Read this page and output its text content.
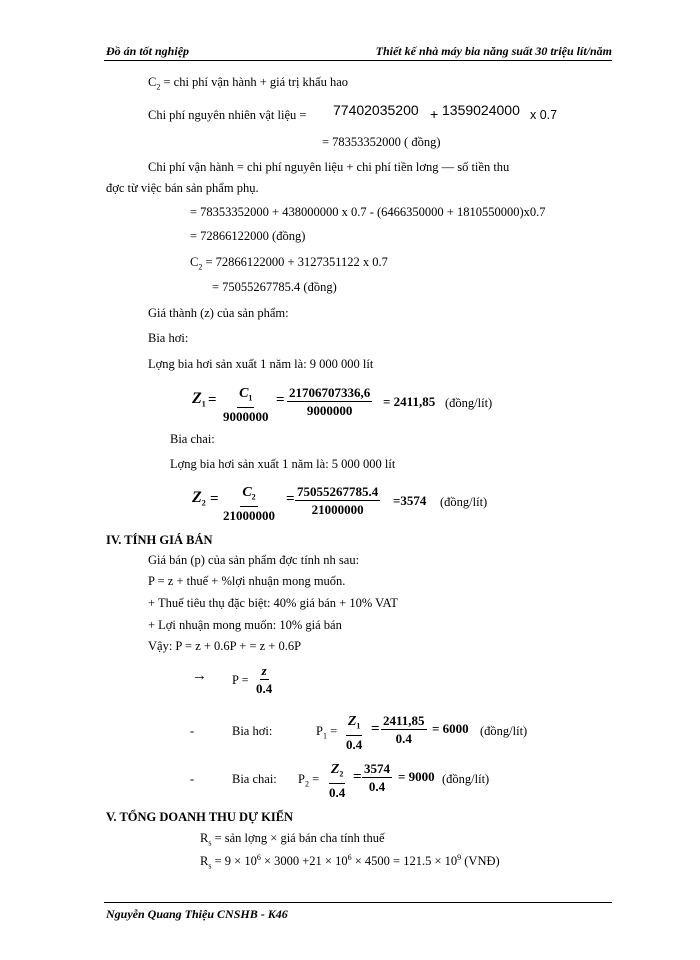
Đồ án tốt nghiệp	Thiết kế nhà máy bia năng suất 30 triệu lít/năm
$C_2$ = chi phí vận hành + giá trị khấu hao
Chi phí nguyên nhiên vật liệu = 77402035200 + 1359024000 x 0.7
= 78353352000 ( đồng)
Chi phí vận hành = chi phí nguyên liệu + chi phí tiền lơng — số tiền thu
đợc từ việc bán sản phẩm phụ.
= 78353352000 + 438000000 x 0.7 - (6466350000 + 1810550000)x0.7
= 72866122000 (đồng)
$C_2 = 72866122000 + 3127351122$ x 0.7
= 75055267785.4 (đồng)
Giá thành (z) của sản phẩm:
Bia hơi:
Lợng bia hơi sản xuất 1 năm là: 9 000 000 lít
$Z_1 = \frac{C_1}{9000000} = \frac{21706707336,6}{9000000} = 2411,85$ (đồng/lít)
Bia chai:
Lợng bia hơi sản xuất 1 năm là: 5 000 000 lít
$Z_2 = \frac{C_2}{21000000} = \frac{75055267785.4}{21000000} =3574$ (đồng/lít)
IV. TÍNH GIÁ BÁN
Giá bán (p) của sản phẩm đợc tính nh sau:
P = z + thuế + %lợi nhuận mong muốn.
+ Thuế tiêu thụ đặc biệt: 40% giá bán + 10% VAT
+ Lợi nhuận mong muốn: 10% giá bán
Vậy: P = z + 0.6P + = z + 0.6P
→ $P = \frac{z}{0.4}$
-	Bia hơi:	$P_1 = \frac{Z_1}{0.4} = \frac{2411,85}{0.4} = 6000$ (đồng/lít)
-	Bia chai: $P_2 = \frac{Z_2}{0.4} = \frac{3574}{0.4} = 9000$ (đồng/lít)
V. TỔNG DOANH THU DỰ KIẾN
$R_s$ = sản lợng × giá bán cha tính thuế
$R_s = 9 \times 10^6 \times 3000 +21 \times 10^6 \times 4500 = 121.5 \times 10^9$ (VNĐ)
Nguyễn Quang Thiệu CNSHB - K46
